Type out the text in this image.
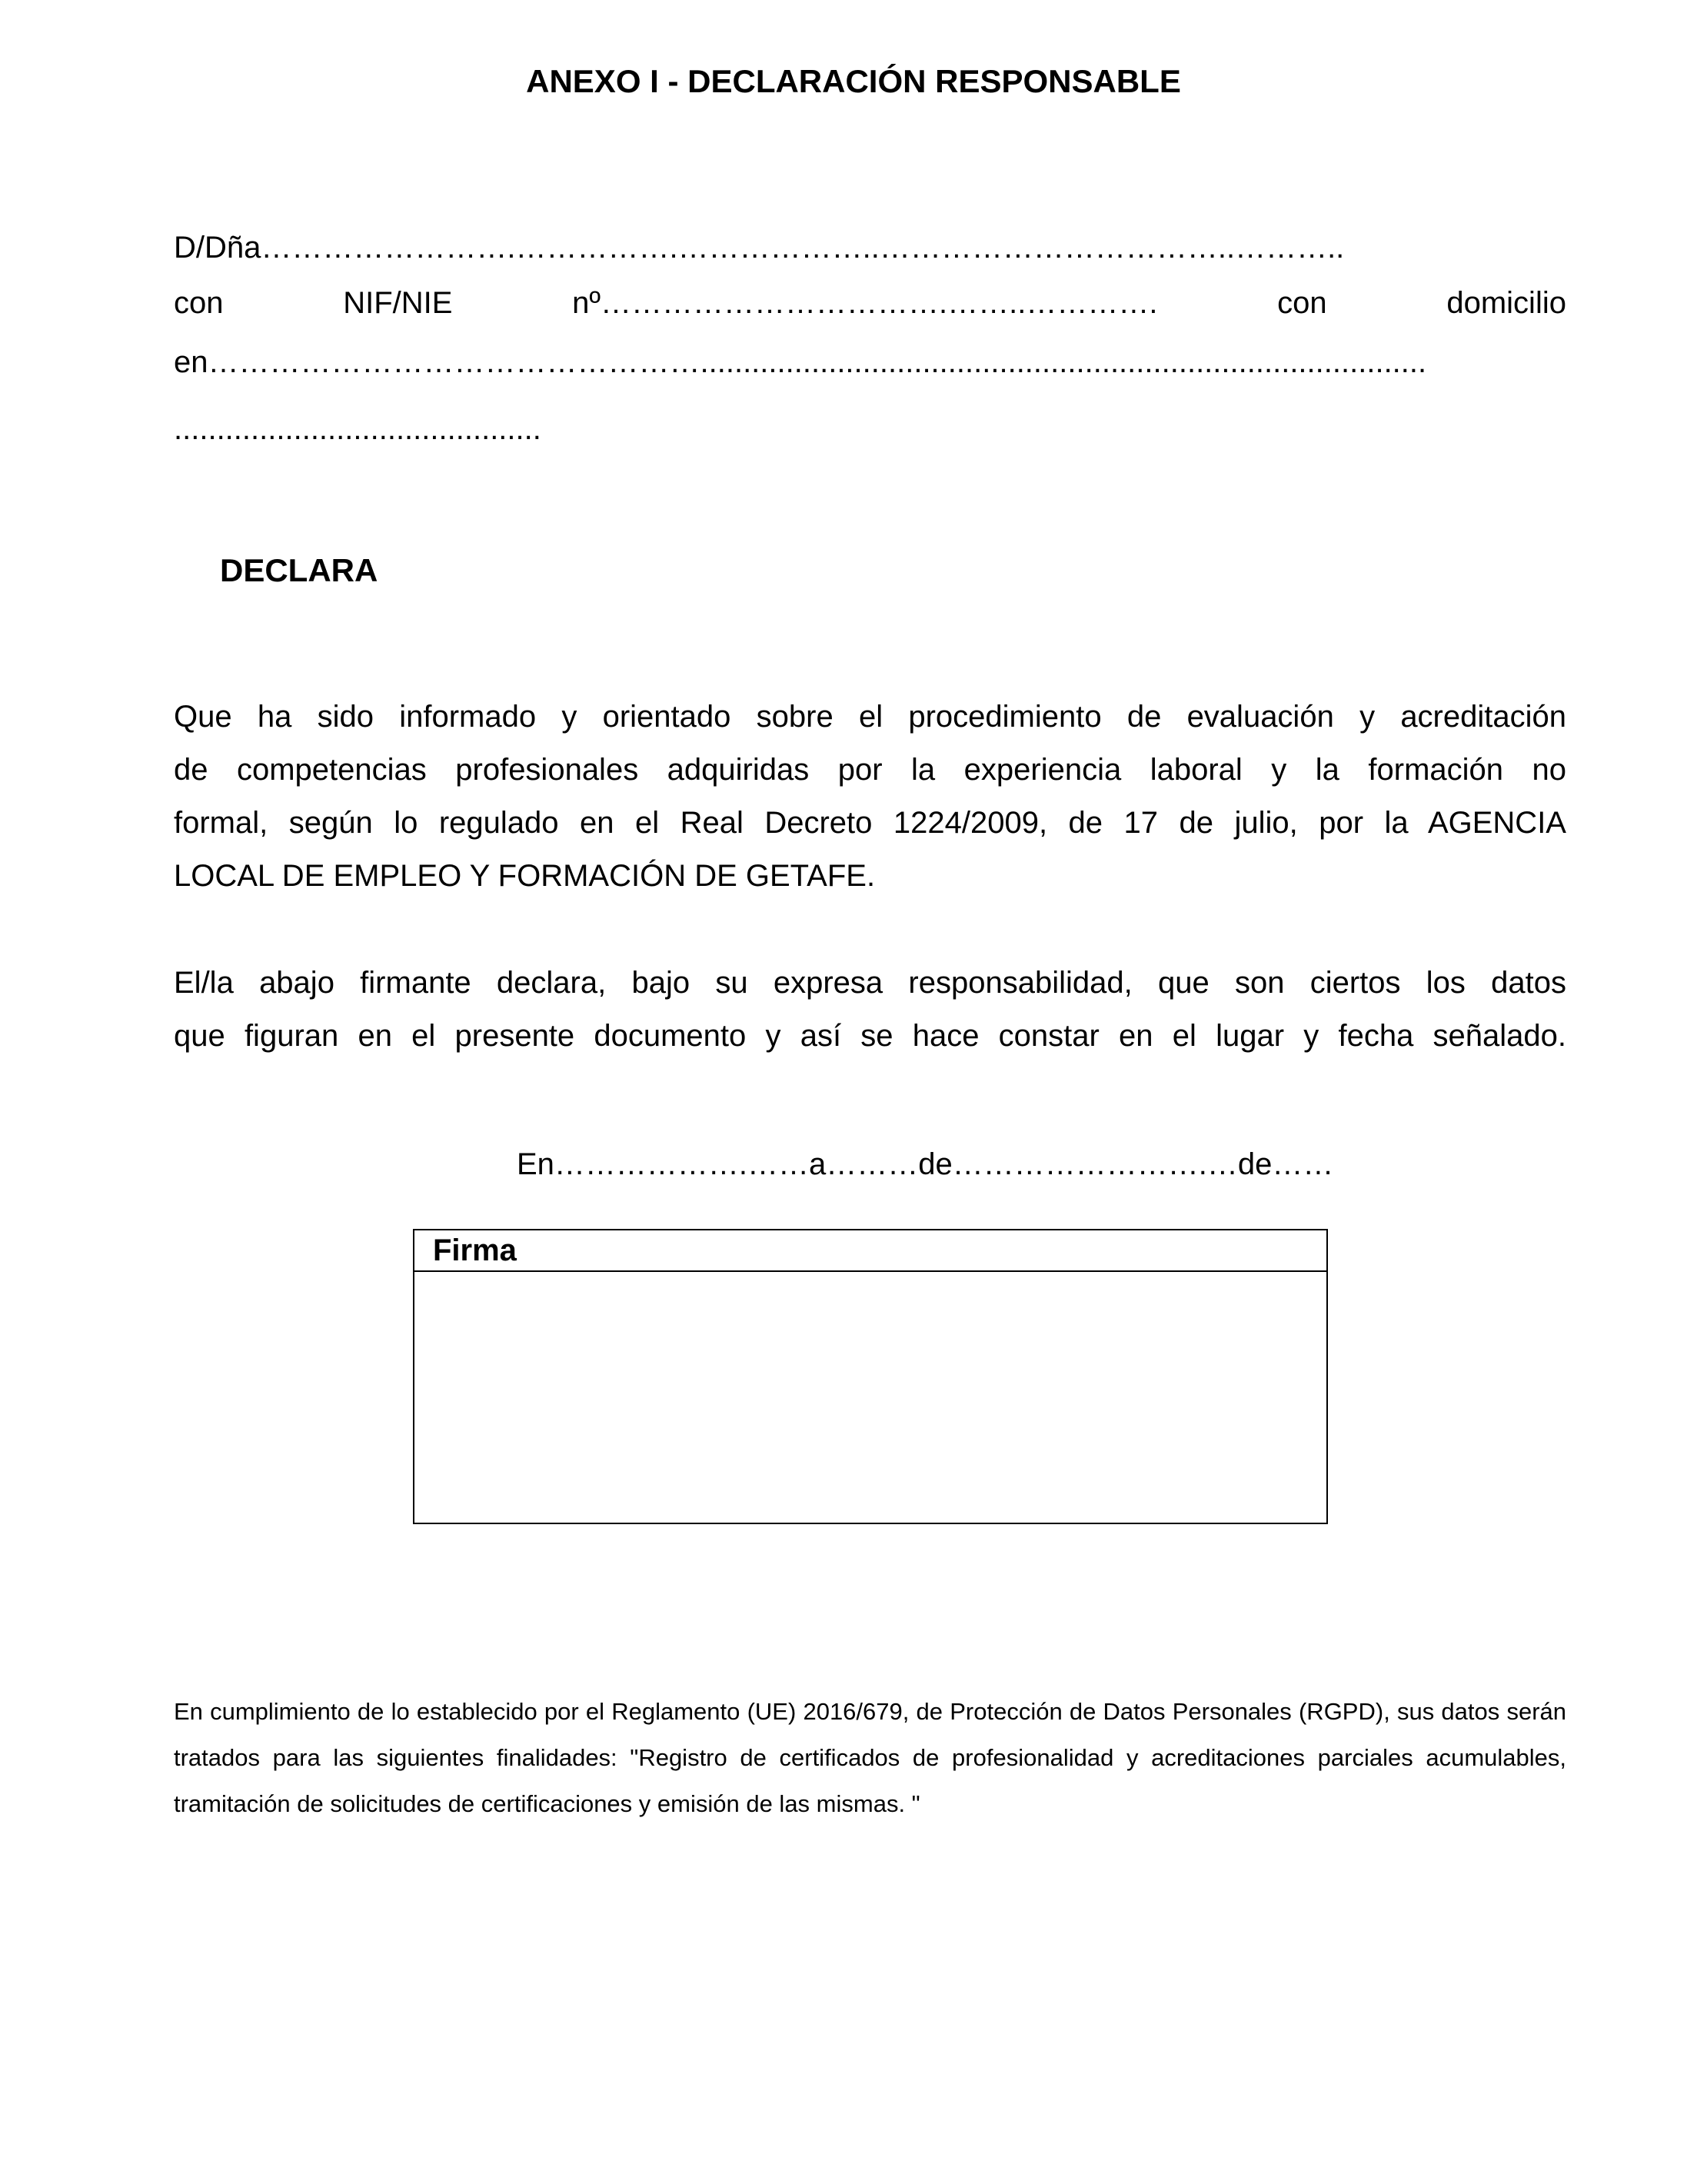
ANEXO I - DECLARACIÓN RESPONSABLE
D/Dña…………………….…………….………………..……………………………..………..
con	NIF/NIE	nº…………………………….……..………….	con	domicilio
en………………………………………….....................................................................................
...........................................
DECLARA
Que ha sido informado y orientado sobre el procedimiento de evaluación y acreditación
de competencias profesionales adquiridas por la experiencia laboral y la formación no
formal, según lo regulado en el Real Decreto 1224/2009, de 17 de julio, por la AGENCIA
LOCAL DE EMPLEO Y FORMACIÓN DE GETAFE.
El/la abajo firmante declara, bajo su expresa responsabilidad, que son ciertos los datos
que figuran en el presente documento y así se hace constar en el lugar y fecha señalado.
En……………….……a………de…………………….…de……
Firma
En cumplimiento de lo establecido por el Reglamento (UE) 2016/679, de Protección de Datos Personales (RGPD), sus datos serán tratados para las siguientes finalidades: "Registro de certificados de profesionalidad y acreditaciones parciales acumulables, tramitación de solicitudes de certificaciones y emisión de las mismas. "
